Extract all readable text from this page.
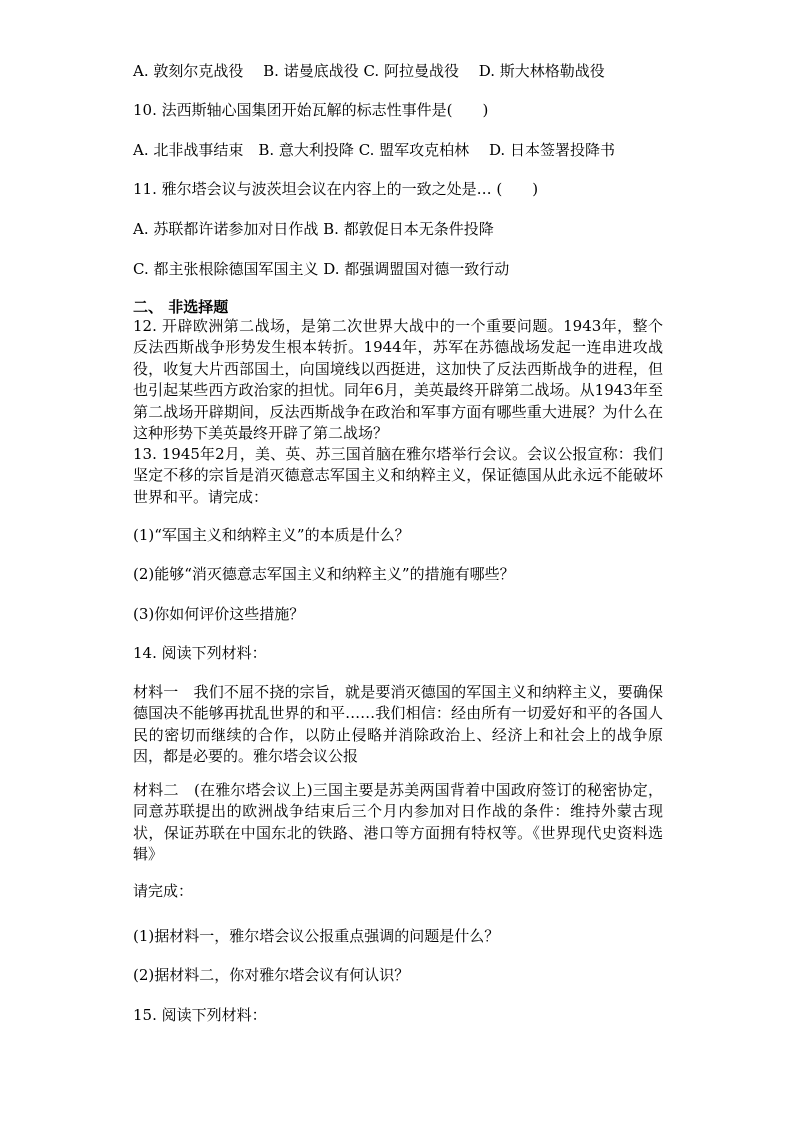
A. 敦刻尔克战役　 B. 诺曼底战役 C. 阿拉曼战役　 D. 斯大林格勒战役
10. 法西斯轴心国集团开始瓦解的标志性事件是(　　)
A. 北非战事结束　B. 意大利投降 C. 盟军攻克柏林　 D. 日本签署投降书
11. 雅尔塔会议与波茨坦会议在内容上的一致之处是… (　　)
A. 苏联都许诺参加对日作战 B. 都敦促日本无条件投降
C. 都主张根除德国军国主义 D. 都强调盟国对德一致行动
二、 非选择题
12. 开辟欧洲第二战场，是第二次世界大战中的一个重要问题。1943年，整个反法西斯战争形势发生根本转折。1944年，苏军在苏德战场发起一连串进攻战役，收复大片西部国土，向国境线以西挺进，这加快了反法西斯战争的进程，但也引起某些西方政治家的担忧。同年6月，美英最终开辟第二战场。从1943年至第二战场开辟期间，反法西斯战争在政治和军事方面有哪些重大进展？为什么在这种形势下美英最终开辟了第二战场？
13. 1945年2月，美、英、苏三国首脑在雅尔塔举行会议。会议公报宣称：我们坚定不移的宗旨是消灭德意志军国主义和纳粹主义，保证德国从此永远不能破坏世界和平。请完成：
(1)“军国主义和纳粹主义”的本质是什么？
(2)能够“消灭德意志军国主义和纳粹主义”的措施有哪些？
(3)你如何评价这些措施？
14. 阅读下列材料：
材料一　我们不屈不挠的宗旨，就是要消灭德国的军国主义和纳粹主义，要确保德国决不能够再扰乱世界的和平……我们相信：经由所有一切爱好和平的各国人民的密切而继续的合作，以防止侵略并消除政治上、经济上和社会上的战争原因，都是必要的。雅尔塔会议公报
材料二　(在雅尔塔会议上)三国主要是苏美两国背着中国政府签订的秘密协定，同意苏联提出的欧洲战争结束后三个月内参加对日作战的条件：维持外蒙古现状，保证苏联在中国东北的铁路、港口等方面拥有特权等。《世界现代史资料选辑》
请完成：
(1)据材料一，雅尔塔会议公报重点强调的问题是什么？
(2)据材料二，你对雅尔塔会议有何认识？
15. 阅读下列材料：
